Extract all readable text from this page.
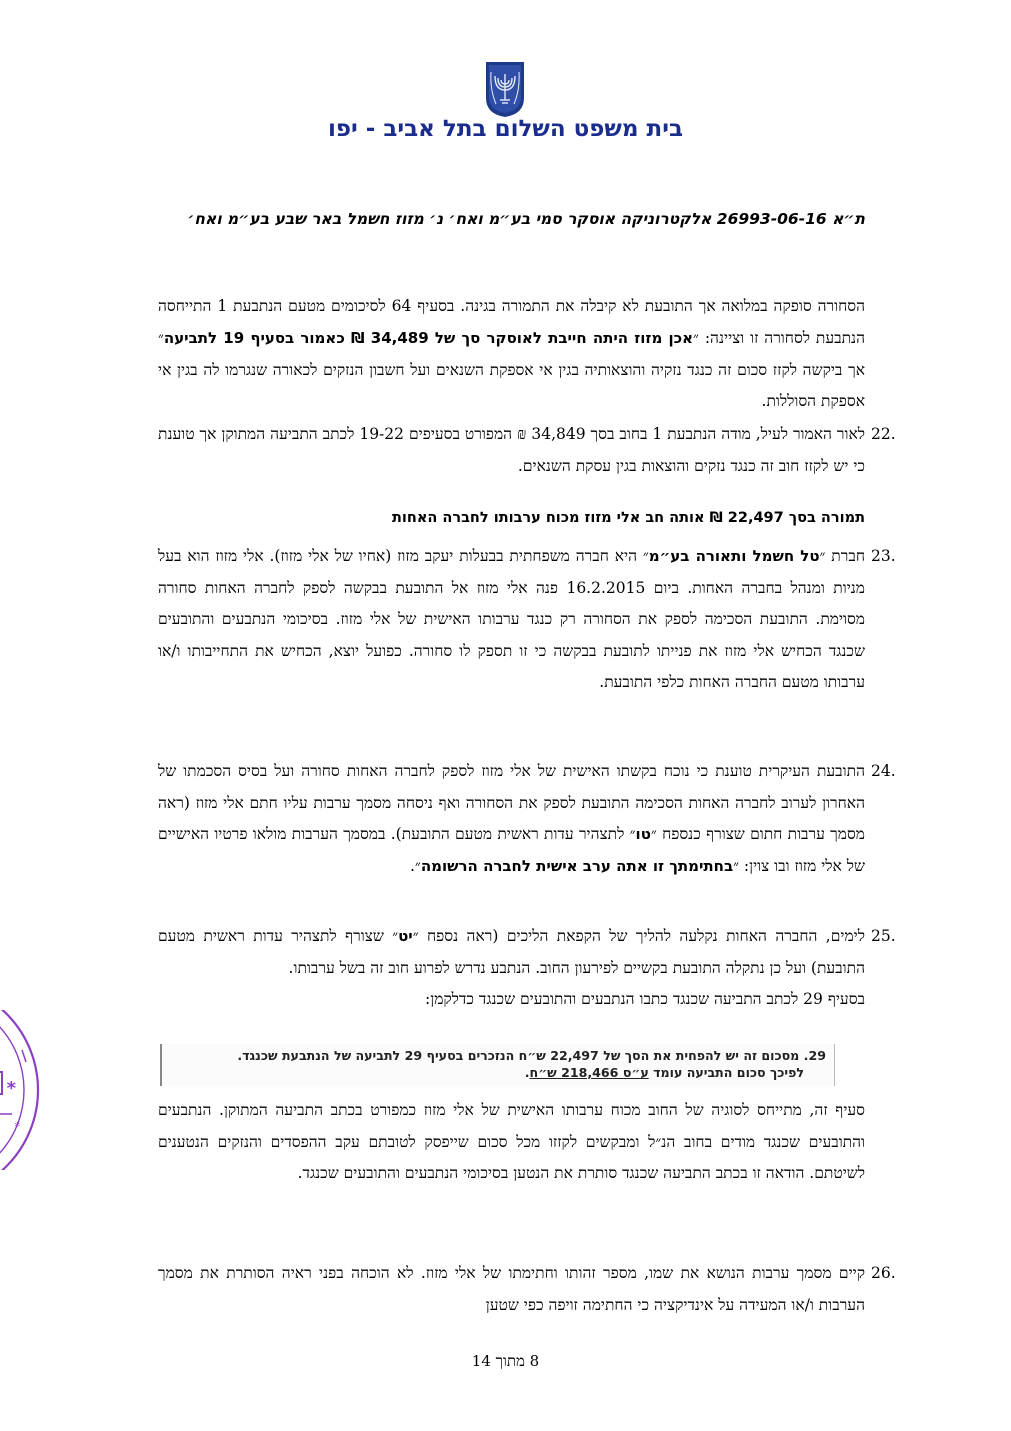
בית משפט השלום בתל אביב - יפו
ת״א 26993-06-16 אלקטרוניקה אוסקר סמי בע״מ ואח׳ נ׳ מזוז חשמל באר שבע בע״מ ואח׳
הסחורה סופקה במלואה אך התובעת לא קיבלה את התמורה בגינה. בסעיף 64 לסיכומים מטעם הנתבעת 1 התייחסה הנתבעת לסחורה זו וציינה: ״אכן מזוז היתה חייבת לאוסקר סך של 34,489 ₪ כאמור בסעיף 19 לתביעה״ אך ביקשה לקזז סכום זה כנגד נזקיה והוצאותיה בגין אי אספקת השנאים ועל חשבון הנזקים לכאורה שנגרמו לה בגין אי אספקת הסוללות.
22.
לאור האמור לעיל, מודה הנתבעת 1 בחוב בסך 34,849 ₪ המפורט בסעיפים 19-22 לכתב התביעה המתוקן אך טוענת כי יש לקזז חוב זה כנגד נזקים והוצאות בגין עסקת השנאים.
תמורה בסך 22,497 ₪ אותה חב אלי מזוז מכוח ערבותו לחברה האחות
23.
חברת ״טל חשמל ותאורה בע״מ״ היא חברה משפחתית בבעלות יעקב מזוז (אחיו של אלי מזוז). אלי מזוז הוא בעל מניות ומנהל בחברה האחות. ביום 16.2.2015 פנה אלי מזוז אל התובעת בבקשה לספק לחברה האחות סחורה מסוימת. התובעת הסכימה לספק את הסחורה רק כנגד ערבותו האישית של אלי מזוז. בסיכומי הנתבעים והתובעים שכנגד הכחיש אלי מזוז את פנייתו לתובעת בבקשה כי זו תספק לו סחורה. כפועל יוצא, הכחיש את התחייבותו ו/או ערבותו מטעם החברה האחות כלפי התובעת.
24.
התובעת העיקרית טוענת כי נוכח בקשתו האישית של אלי מזוז לספק לחברה האחות סחורה ועל בסיס הסכמתו של האחרון לערוב לחברה האחות הסכימה התובעת לספק את הסחורה ואף ניסחה מסמך ערבות עליו חתם אלי מזוז (ראה מסמך ערבות חתום שצורף כנספח ״טו״ לתצהיר עדות ראשית מטעם התובעת). במסמך הערבות מולאו פרטיו האישיים של אלי מזוז ובו צוין: ״בחתימתך זו אתה ערב אישית לחברה הרשומה״.
25.
לימים, החברה האחות נקלעה להליך של הקפאת הליכים (ראה נספח ״יט״ שצורף לתצהיר עדות ראשית מטעם התובעת) ועל כן נתקלה התובעת בקשיים לפירעון החוב. הנתבע נדרש לפרוע חוב זה בשל ערבותו.
בסעיף 29 לכתב התביעה שכנגד כתבו הנתבעים והתובעים שכנגד כדלקמן:
29. מסכום זה יש להפחית את הסך של 22,497 ש״ח הנזכרים בסעיף 29 לתביעה של הנתבעת שכנגד.
לפיכך סכום התביעה עומד ע״ס 218,466 ש״ח.
סעיף זה, מתייחס לסוגיה של החוב מכוח ערבותו האישית של אלי מזוז כמפורט בכתב התביעה המתוקן. הנתבעים והתובעים שכנגד מודים בחוב הנ״ל ומבקשים לקזזו מכל סכום שייפסק לטובתם עקב ההפסדים והנזקים הנטענים לשיטתם. הודאה זו בכתב התביעה שכנגד סותרת את הנטען בסיכומי הנתבעים והתובעים שכנגד.
26.
קיים מסמך ערבות הנושא את שמו, מספר זהותו וחתימתו של אלי מזוז. לא הוכחה בפני ראיה הסותרת את מסמך הערבות ו/או המעידה על אינדיקציה כי החתימה זויפה כפי שטען
*
*
8 מתוך 14
